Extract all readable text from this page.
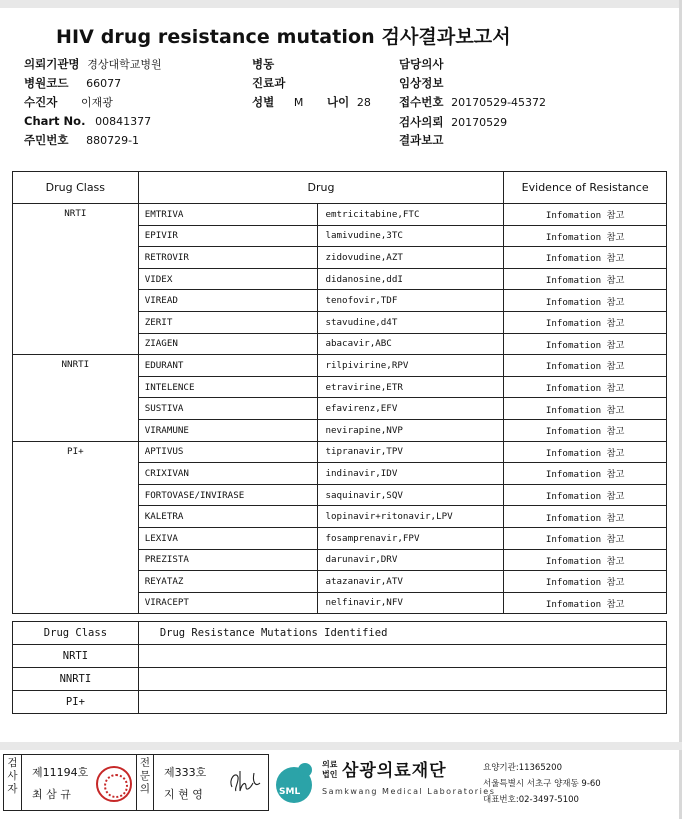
HIV drug resistance mutation 검사결과보고서
의뢰기관명 경상대학교병원	병동	담당의사
병원코드 66077	진료과	임상정보
수진자 이재광	성별 M 나이 28 접수번호 20170529-45372
Chart No. 00841377	검사의뢰 20170529
주민번호 880729-1	결과보고
Drug Class	Drug		Evidence of Resistance
NRTI	EMTRIVA	emtricitabine,FTC	Infomation 참고
	EPIVIR	lamivudine,3TC	Infomation 참고
	RETROVIR	zidovudine,AZT	Infomation 참고
	VIDEX	didanosine,ddI	Infomation 참고
	VIREAD	tenofovir,TDF	Infomation 참고
	ZERIT	stavudine,d4T	Infomation 참고
	ZIAGEN	abacavir,ABC	Infomation 참고
NNRTI	EDURANT	rilpivirine,RPV	Infomation 참고
	INTELENCE	etravirine,ETR	Infomation 참고
	SUSTIVA	efavirenz,EFV	Infomation 참고
	VIRAMUNE	nevirapine,NVP	Infomation 참고
PI+	APTIVUS	tipranavir,TPV	Infomation 참고
	CRIXIVAN	indinavir,IDV	Infomation 참고
	FORTOVASE/INVIRASE	saquinavir,SQV	Infomation 참고
	KALETRA	lopinavir+ritonavir,LPV	Infomation 참고
	LEXIVA	fosamprenavir,FPV	Infomation 참고
	PREZISTA	darunavir,DRV	Infomation 참고
	REYATAZ	atazanavir,ATV	Infomation 참고
	VIRACEPT	nelfinavir,NFV	Infomation 참고
Drug Class	Drug Resistance Mutations Identified
NRTI	
NNRTI	
PI+	
검
사
자
제11194호
최 삼 규
전
문
의
제333호
지 현 영	SML
의료
법인 삼광의료재단
Samkwang Medical Laboratories
요양기관:11365200
서울특별시 서초구 양재동 9-60
대표번호:02-3497-5100
